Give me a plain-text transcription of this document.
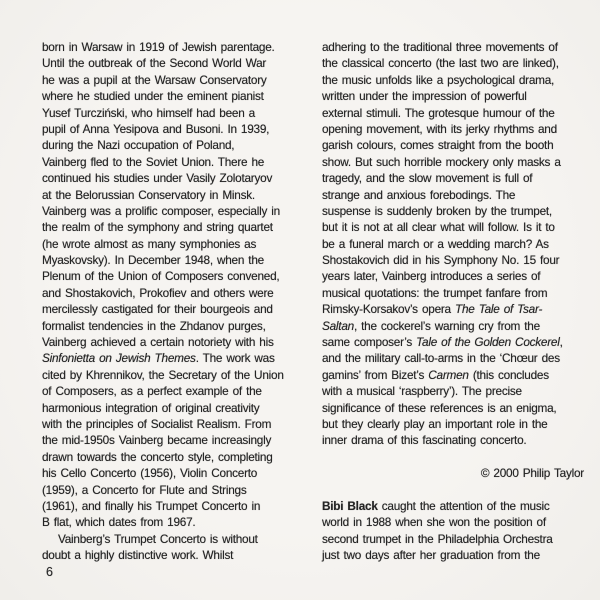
born in Warsaw in 1919 of Jewish parentage.
Until the outbreak of the Second World War
he was a pupil at the Warsaw Conservatory
where he studied under the eminent pianist
Yusef Turcziński, who himself had been a
pupil of Anna Yesipova and Busoni. In 1939,
during the Nazi occupation of Poland,
Vainberg fled to the Soviet Union. There he
continued his studies under Vasily Zolotaryov
at the Belorussian Conservatory in Minsk.
Vainberg was a prolific composer, especially in
the realm of the symphony and string quartet
(he wrote almost as many symphonies as
Myaskovsky). In December 1948, when the
Plenum of the Union of Composers convened,
and Shostakovich, Prokofiev and others were
mercilessly castigated for their bourgeois and
formalist tendencies in the Zhdanov purges,
Vainberg achieved a certain notoriety with his
Sinfonietta on Jewish Themes. The work was
cited by Khrennikov, the Secretary of the Union
of Composers, as a perfect example of the
harmonious integration of original creativity
with the principles of Socialist Realism. From
the mid-1950s Vainberg became increasingly
drawn towards the concerto style, completing
his Cello Concerto (1956), Violin Concerto
(1959), a Concerto for Flute and Strings
(1961), and finally his Trumpet Concerto in
B flat, which dates from 1967.
Vainberg’s Trumpet Concerto is without
doubt a highly distinctive work. Whilst
adhering to the traditional three movements of
the classical concerto (the last two are linked),
the music unfolds like a psychological drama,
written under the impression of powerful
external stimuli. The grotesque humour of the
opening movement, with its jerky rhythms and
garish colours, comes straight from the booth
show. But such horrible mockery only masks a
tragedy, and the slow movement is full of
strange and anxious forebodings. The
suspense is suddenly broken by the trumpet,
but it is not at all clear what will follow. Is it to
be a funeral march or a wedding march? As
Shostakovich did in his Symphony No. 15 four
years later, Vainberg introduces a series of
musical quotations: the trumpet fanfare from
Rimsky-Korsakov’s opera The Tale of Tsar-
Saltan, the cockerel’s warning cry from the
same composer’s Tale of the Golden Cockerel,
and the military call-to-arms in the ‘Chœur des
gamins’ from Bizet’s Carmen (this concludes
with a musical ‘raspberry’). The precise
significance of these references is an enigma,
but they clearly play an important role in the
inner drama of this fascinating concerto.
© 2000 Philip Taylor
Bibi Black caught the attention of the music
world in 1988 when she won the position of
second trumpet in the Philadelphia Orchestra
just two days after her graduation from the
6
